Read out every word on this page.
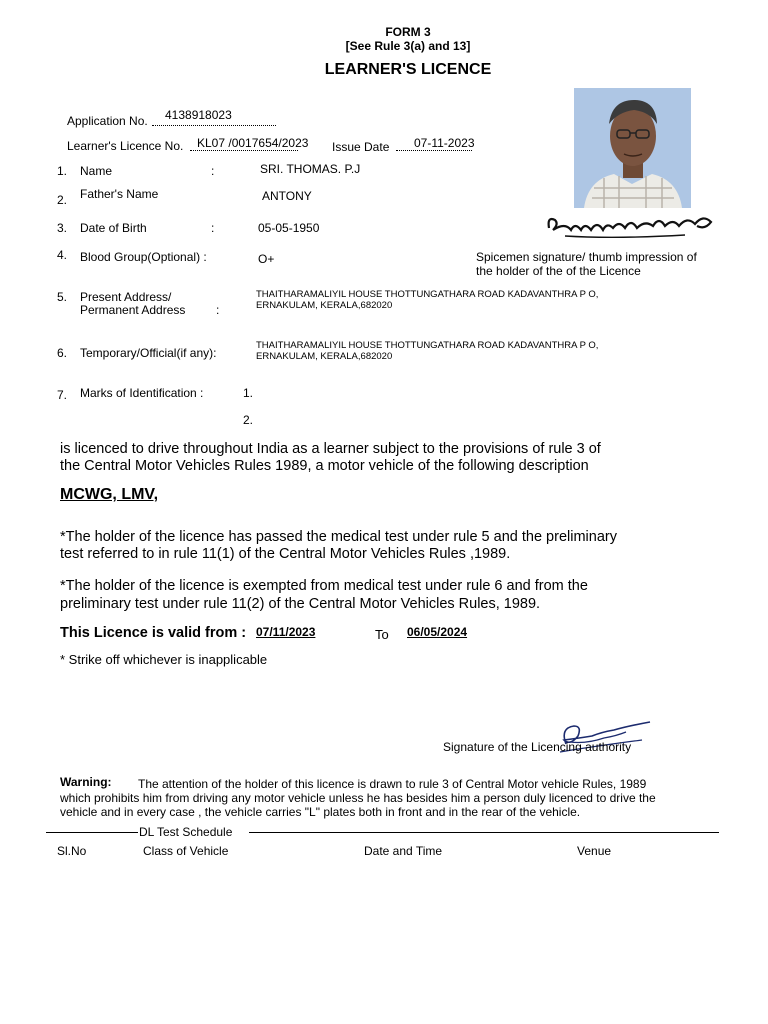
FORM 3
[See Rule 3(a) and 13]
LEARNER'S LICENCE
Spicemen signature/ thumb impression of
the holder of the of the Licence
Application No. 4138918023
Learner's Licence No. KL07 /0017654/2023 Issue Date 07-11-2023
1. Name	:	SRI. THOMAS. P.J
2. Father's Name	ANTONY
3. Date of Birth	:	05-05-1950
4. Blood Group(Optional) :	O+
5. Present Address/
Permanent Address	:
THAITHARAMALIYIL HOUSE THOTTUNGATHARA ROAD KADAVANTHRA P O,
ERNAKULAM, KERALA,682020
6. Temporary/Official(if any):
THAITHARAMALIYIL HOUSE THOTTUNGATHARA ROAD KADAVANTHRA P O,
ERNAKULAM, KERALA,682020
7. Marks of Identification :	1.
2.
is licenced to drive throughout India as a learner subject to the provisions of rule 3 of
the Central Motor Vehicles Rules 1989, a motor vehicle of the following description
MCWG, LMV,
*The holder of the licence has passed the medical test under rule 5 and the preliminary
test referred to in rule 11(1) of the Central Motor Vehicles Rules ,1989.
*The holder of the licence is exempted from medical test under rule 6 and from the
preliminary test under rule 11(2) of the Central Motor Vehicles Rules, 1989.
This Licence is valid from : 07/11/2023	To 06/05/2024
* Strike off whichever is inapplicable
Signature of the Licencing authority
Warning: The attention of the holder of this licence is drawn to rule 3 of Central Motor vehicle Rules, 1989
which prohibits him from driving any motor vehicle unless he has besides him a person duly licenced to drive the
vehicle and in every case , the vehicle carries "L" plates both in front and in the rear of the vehicle.
DL Test Schedule
Sl.No	Class of Vehicle	Date and Time	Venue
